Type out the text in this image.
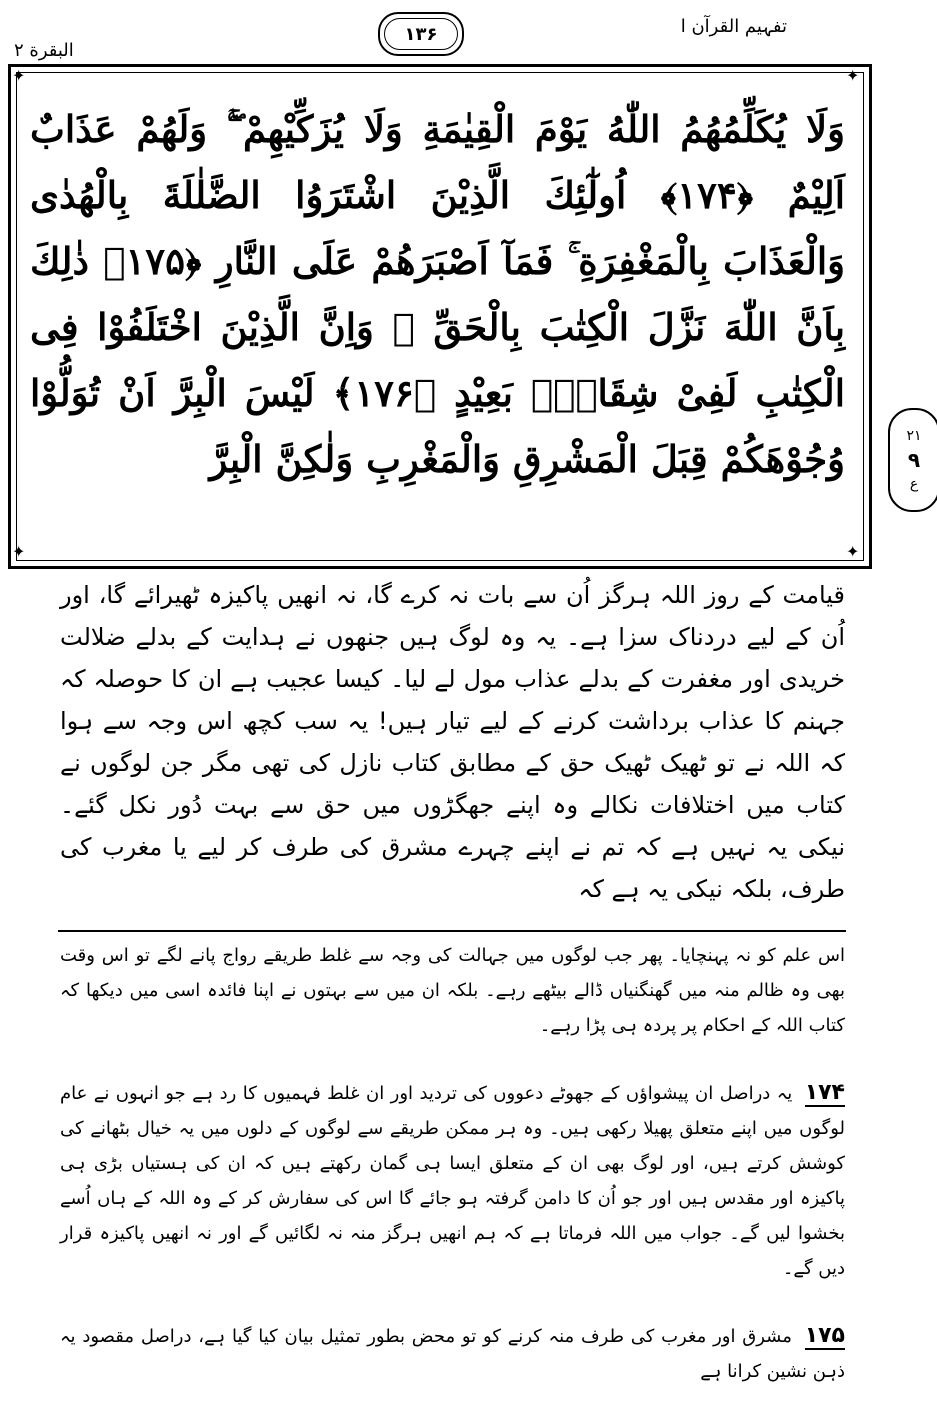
البقرة ٢
۱۳۶	تفہیم القرآن ا
✦	✦
✦	✦
وَلَا يُكَلِّمُهُمُ اللّٰهُ يَوْمَ الْقِيٰمَةِ وَلَا يُزَكِّيْهِمْ ۖۚ وَلَهُمْ عَذَابٌ اَلِيْمٌ ﴿۱۷۴﴾ اُولٰٓئِكَ الَّذِيْنَ اشْتَرَوُا الضَّلٰلَةَ بِالْهُدٰى وَالْعَذَابَ بِالْمَغْفِرَةِ ۚ فَمَآ اَصْبَرَهُمْ عَلَى النَّارِ ﴿۱۷۵﴾ ذٰلِكَ بِاَنَّ اللّٰهَ نَزَّلَ الْكِتٰبَ بِالْحَقِّ ۗ وَاِنَّ الَّذِيْنَ اخْتَلَفُوْا فِى الْكِتٰبِ لَفِىْ شِقَاقٍۭ بَعِيْدٍ ﴿۱۷۶﴾ لَيْسَ الْبِرَّ اَنْ تُوَلُّوْا وُجُوْهَكُمْ قِبَلَ الْمَشْرِقِ وَالْمَغْرِبِ وَلٰكِنَّ الْبِرَّ
۲۱
۹
ع
قیامت کے روز اللہ ہرگز اُن سے بات نہ کرے گا، نہ انھیں پاکیزہ ٹھیرائے گا، اور اُن کے لیے دردناک سزا ہے۔ یہ وہ لوگ ہیں جنھوں نے ہدایت کے بدلے ضلالت خریدی اور مغفرت کے بدلے عذاب مول لے لیا۔ کیسا عجیب ہے ان کا حوصلہ کہ جہنم کا عذاب برداشت کرنے کے لیے تیار ہیں! یہ سب کچھ اس وجہ سے ہوا کہ اللہ نے تو ٹھیک ٹھیک حق کے مطابق کتاب نازل کی تھی مگر جن لوگوں نے کتاب میں اختلافات نکالے وہ اپنے جھگڑوں میں حق سے بہت دُور نکل گئے۔ نیکی یہ نہیں ہے کہ تم نے اپنے چہرے مشرق کی طرف کر لیے یا مغرب کی طرف، بلکہ نیکی یہ ہے کہ
اس علم کو نہ پہنچایا۔ پھر جب لوگوں میں جہالت کی وجہ سے غلط طریقے رواج پانے لگے تو اس وقت بھی وہ ظالم منہ میں گھنگنیاں ڈالے بیٹھے رہے۔ بلکہ ان میں سے بہتوں نے اپنا فائدہ اسی میں دیکھا کہ کتاب اللہ کے احکام پر پردہ ہی پڑا رہے۔
۱۷۴ یہ دراصل ان پیشواؤں کے جھوٹے دعووں کی تردید اور ان غلط فہمیوں کا رد ہے جو انہوں نے عام لوگوں میں اپنے متعلق پھیلا رکھی ہیں۔ وہ ہر ممکن طریقے سے لوگوں کے دلوں میں یہ خیال بٹھانے کی کوشش کرتے ہیں، اور لوگ بھی ان کے متعلق ایسا ہی گمان رکھتے ہیں کہ ان کی ہستیاں بڑی ہی پاکیزہ اور مقدس ہیں اور جو اُن کا دامن گرفتہ ہو جائے گا اس کی سفارش کر کے وہ اللہ کے ہاں اُسے بخشوا لیں گے۔ جواب میں اللہ فرماتا ہے کہ ہم انھیں ہرگز منہ نہ لگائیں گے اور نہ انھیں پاکیزہ قرار دیں گے۔
۱۷۵ مشرق اور مغرب کی طرف منہ کرنے کو تو محض بطور تمثیل بیان کیا گیا ہے، دراصل مقصود یہ ذہن نشین کرانا ہے
